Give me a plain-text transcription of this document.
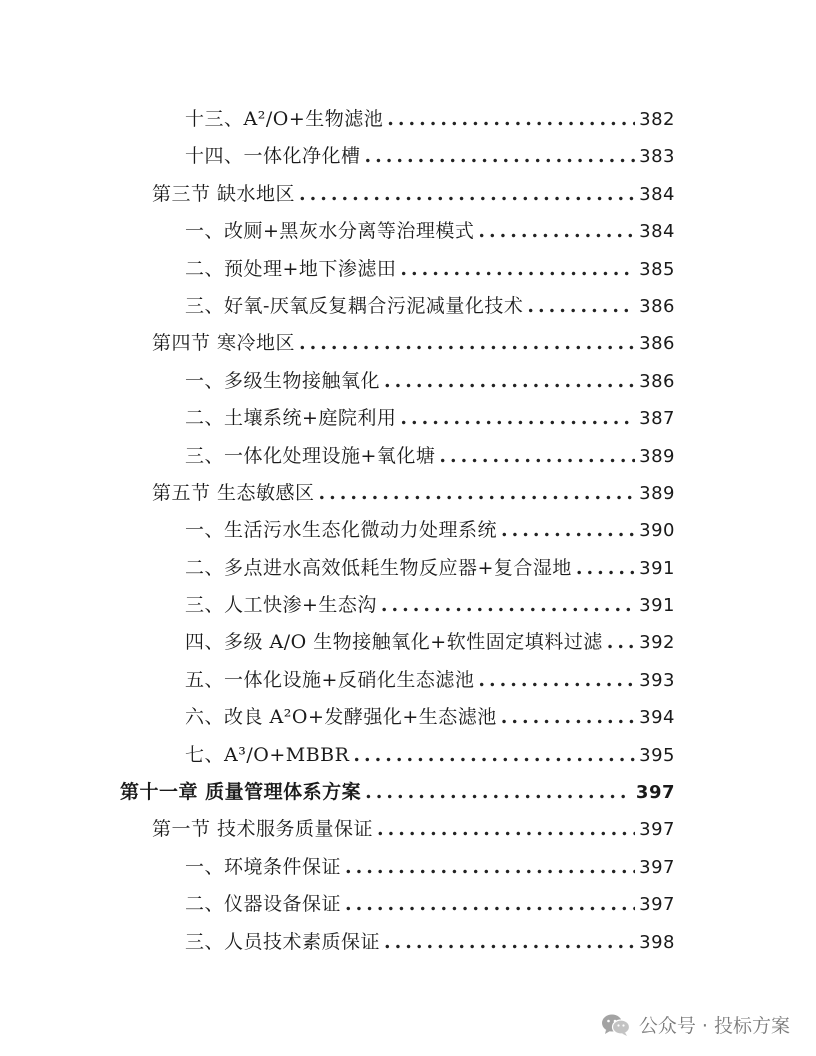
十三、A²/O+生物滤池 .....	382
十四、一体化净化槽 .....	383
第三节 缺水地区 .....	384
一、改厕+黑灰水分离等治理模式 .....	384
二、预处理+地下渗滤田 .....	385
三、好氧-厌氧反复耦合污泥减量化技术 .....	386
第四节 寒冷地区 .....	386
一、多级生物接触氧化 .....	386
二、土壤系统+庭院利用 .....	387
三、一体化处理设施+氧化塘 .....	389
第五节 生态敏感区 .....	389
一、生活污水生态化微动力处理系统 .....	390
二、多点进水高效低耗生物反应器+复合湿地 .....	391
三、人工快渗+生态沟 .....	391
四、多级 A/O 生物接触氧化+软性固定填料过滤 ..... 392
五、一体化设施+反硝化生态滤池 .....	393
六、改良 A²O+发酵强化+生态滤池 .....	394
七、A³/O+MBBR .....	395
第十一章 质量管理体系方案 .....	397
第一节 技术服务质量保证 .....	397
一、环境条件保证 .....	397
二、仪器设备保证 .....	397
三、人员技术素质保证 .....	398
公众号 · 投标方案
